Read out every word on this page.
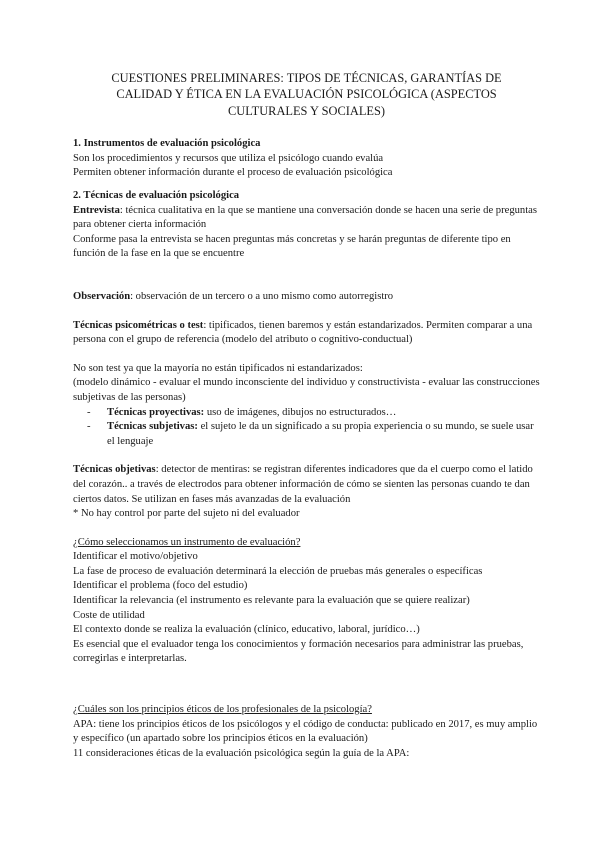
CUESTIONES PRELIMINARES: TIPOS DE TÉCNICAS, GARANTÍAS DE CALIDAD Y ÉTICA EN LA EVALUACIÓN PSICOLÓGICA (ASPECTOS CULTURALES Y SOCIALES)

1. Instrumentos de evaluación psicológica

Son los procedimientos y recursos que utiliza el psicólogo cuando evalúa

Permiten obtener información durante el proceso de evaluación psicológica

2. Técnicas de evaluación psicológica

Entrevista: técnica cualitativa en la que se mantiene una conversación donde se hacen una serie de preguntas para obtener cierta información

Conforme pasa la entrevista se hacen preguntas más concretas y se harán preguntas de diferente tipo en función de la fase en la que se encuentre

Observación: observación de un tercero o a uno mismo como autorregistro

Técnicas psicométricas o test: tipificados, tienen baremos y están estandarizados. Permiten comparar a una persona con el grupo de referencia (modelo del atributo o cognitivo-conductual)

No son test ya que la mayoría no están tipificados ni estandarizados:

(modelo dinámico - evaluar el mundo inconsciente del individuo y constructivista - evaluar las construcciones subjetivas de las personas)

- Técnicas proyectivas: uso de imágenes, dibujos no estructurados…
- Técnicas subjetivas: el sujeto le da un significado a su propia experiencia o su mundo, se suele usar el lenguaje

Técnicas objetivas: detector de mentiras: se registran diferentes indicadores que da el cuerpo como el latido del corazón.. a través de electrodos para obtener información de cómo se sienten las personas cuando te dan ciertos datos. Se utilizan en fases más avanzadas de la evaluación

* No hay control por parte del sujeto ni del evaluador

¿Cómo seleccionamos un instrumento de evaluación?

Identificar el motivo/objetivo

La fase de proceso de evaluación determinará la elección de pruebas más generales o específicas

Identificar el problema (foco del estudio)

Identificar la relevancia (el instrumento es relevante para la evaluación que se quiere realizar)

Coste de utilidad

El contexto donde se realiza la evaluación (clínico, educativo, laboral, jurídico…)

Es esencial que el evaluador tenga los conocimientos y formación necesarios para administrar las pruebas, corregirlas e interpretarlas.

¿Cuáles son los principios éticos de los profesionales de la psicología?

APA: tiene los principios éticos de los psicólogos y el código de conducta: publicado en 2017, es muy amplio y específico (un apartado sobre los principios éticos en la evaluación)

11 consideraciones éticas de la evaluación psicológica según la guía de la APA:
